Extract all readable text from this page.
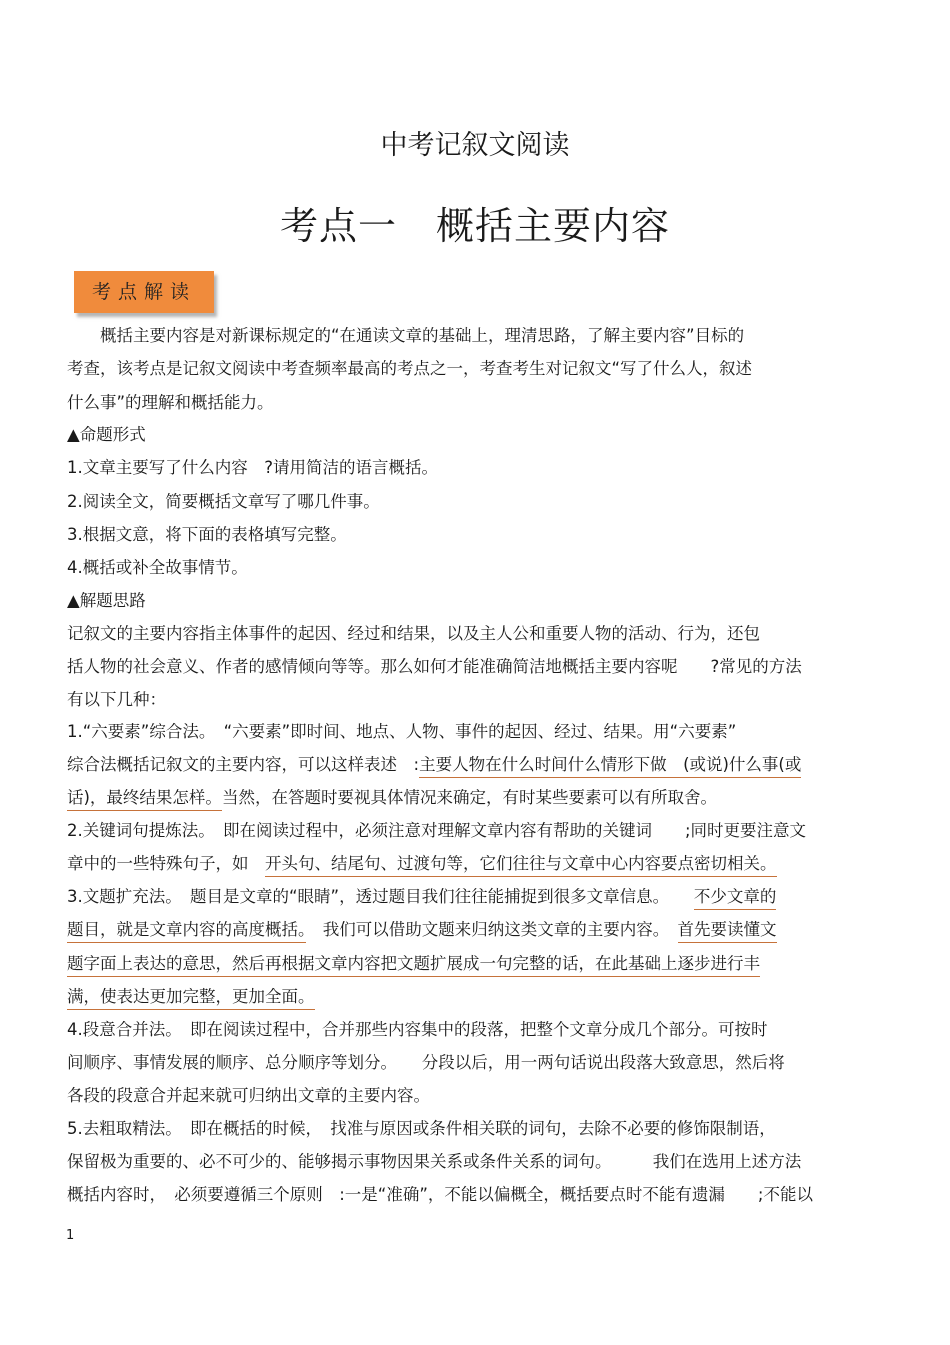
中考记叙文阅读
考点一　概括主要内容
考点解读
　　概括主要内容是对新课标规定的“在通读文章的基础上，理清思路，了解主要内容”目标的
考查，该考点是记叙文阅读中考查频率最高的考点之一，考查考生对记叙文“写了什么人，叙述
什么事”的理解和概括能力。
▲命题形式
1.文章主要写了什么内容　?请用简洁的语言概括。
2.阅读全文，简要概括文章写了哪几件事。
3.根据文意，将下面的表格填写完整。
4.概括或补全故事情节。
▲解题思路
记叙文的主要内容指主体事件的起因、经过和结果，以及主人公和重要人物的活动、行为，还包
括人物的社会意义、作者的感情倾向等等。那么如何才能准确简洁地概括主要内容呢　　?常见的方法
有以下几种：
1.“六要素”综合法。　“六要素”即时间、地点、人物、事件的起因、经过、结果。用“六要素”
综合法概括记叙文的主要内容，可以这样表述　:主要人物在什么时间什么情形下做　(或说)什么事(或
话)，最终结果怎样。当然，在答题时要视具体情况来确定，有时某些要素可以有所取舍。
2.关键词句提炼法。　即在阅读过程中，必须注意对理解文章内容有帮助的关键词　　;同时更要注意文
章中的一些特殊句子，如　开头句、结尾句、过渡句等，它们往往与文章中心内容要点密切相关。
3.文题扩充法。　题目是文章的“眼睛”，透过题目我们往往能捕捉到很多文章信息。　　不少文章的
题目，就是文章内容的高度概括。　我们可以借助文题来归纳这类文章的主要内容。　首先要读懂文
题字面上表达的意思，然后再根据文章内容把文题扩展成一句完整的话，在此基础上逐步进行丰
满，使表达更加完整，更加全面。
4.段意合并法。　即在阅读过程中，合并那些内容集中的段落，把整个文章分成几个部分。可按时
间顺序、事情发展的顺序、总分顺序等划分。　　分段以后，用一两句话说出段落大致意思，然后将
各段的段意合并起来就可归纳出文章的主要内容。
5.去粗取精法。　即在概括的时候，　找准与原因或条件相关联的词句，去除不必要的修饰限制语，
保留极为重要的、必不可少的、能够揭示事物因果关系或条件关系的词句。　　　我们在选用上述方法
概括内容时，　必须要遵循三个原则　:一是“准确”，不能以偏概全，概括要点时不能有遗漏　　;不能以
1
